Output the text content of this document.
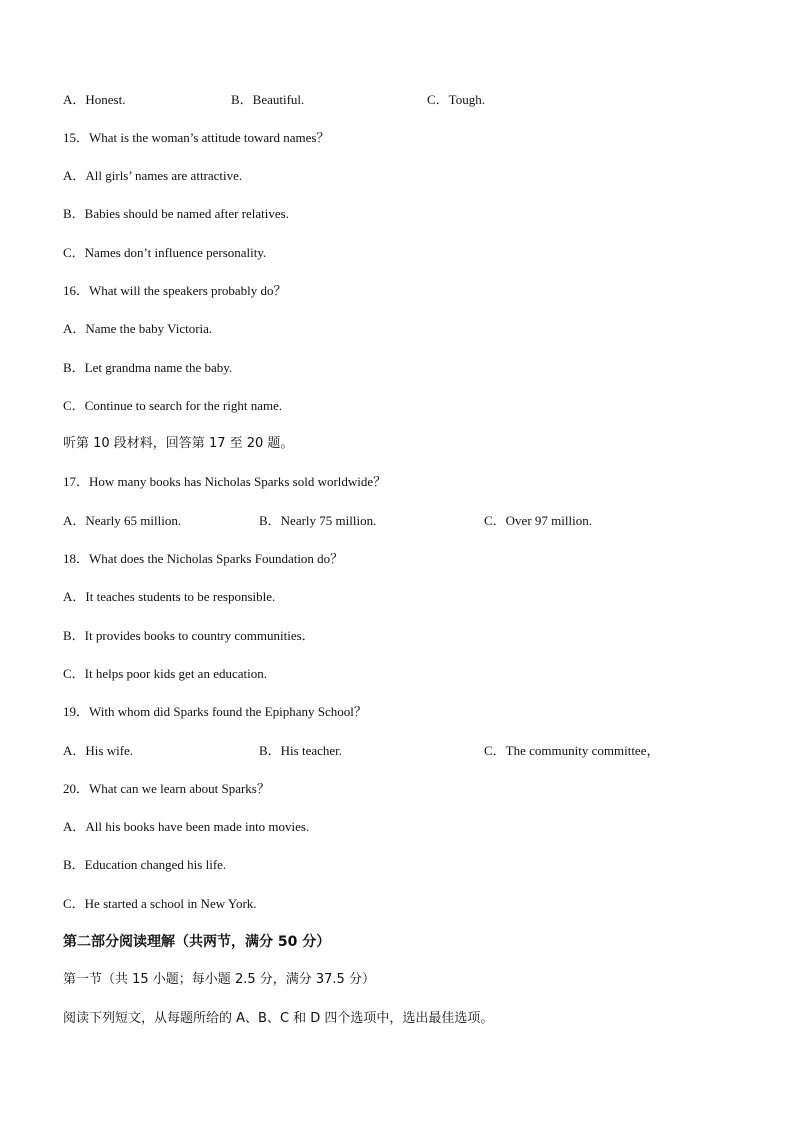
A．Honest.	B．Beautiful.	C．Tough.
15．What is the woman’s attitude toward names？
A．All girls’ names are attractive.
B．Babies should be named after relatives.
C．Names don’t influence personality.
16．What will the speakers probably do？
A．Name the baby Victoria.
B．Let grandma name the baby.
C．Continue to search for the right name.
听第 10 段材料，回答第 17 至 20 题。
17．How many books has Nicholas Sparks sold worldwide？
A．Nearly 65 million.	B．Nearly 75 million.	C．Over 97 million.
18．What does the Nicholas Sparks Foundation do？
A．It teaches students to be responsible.
B．It provides books to country communities．
C．It helps poor kids get an education.
19．With whom did Sparks found the Epiphany School？
A．His wife.	B．His teacher.	C．The community committee，
20．What can we learn about Sparks？
A．All his books have been made into movies.
B．Education changed his life.
C．He started a school in New York.
第二部分阅读理解（共两节，满分 50 分）
第一节（共 15 小题；每小题 2.5 分，满分 37.5 分）
阅读下列短文，从每题所给的 A、B、C 和 D 四个选项中，选出最佳选项。
